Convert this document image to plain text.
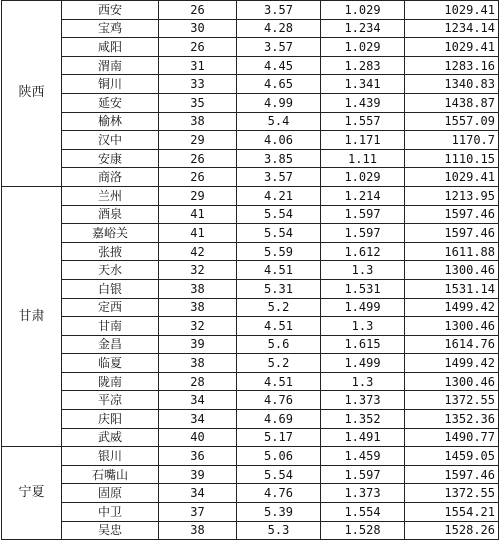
陕西	西安	26	3.57	1.029	1029.41
	宝鸡	30	4.28	1.234	1234.14
	咸阳	26	3.57	1.029	1029.41
	渭南	31	4.45	1.283	1283.16
	铜川	33	4.65	1.341	1340.83
	延安	35	4.99	1.439	1438.87
	榆林	38	5.4	1.557	1557.09
	汉中	29	4.06	1.171	1170.7
	安康	26	3.85	1.11	1110.15
	商洛	26	3.57	1.029	1029.41
甘肃	兰州	29	4.21	1.214	1213.95
	酒泉	41	5.54	1.597	1597.46
	嘉峪关	41	5.54	1.597	1597.46
	张掖	42	5.59	1.612	1611.88
	天水	32	4.51	1.3	1300.46
	白银	38	5.31	1.531	1531.14
	定西	38	5.2	1.499	1499.42
	甘南	32	4.51	1.3	1300.46
	金昌	39	5.6	1.615	1614.76
	临夏	38	5.2	1.499	1499.42
	陇南	28	4.51	1.3	1300.46
	平凉	34	4.76	1.373	1372.55
	庆阳	34	4.69	1.352	1352.36
	武威	40	5.17	1.491	1490.77
宁夏	银川	36	5.06	1.459	1459.05
	石嘴山	39	5.54	1.597	1597.46
	固原	34	4.76	1.373	1372.55
	中卫	37	5.39	1.554	1554.21
	吴忠	38	5.3	1.528	1528.26
